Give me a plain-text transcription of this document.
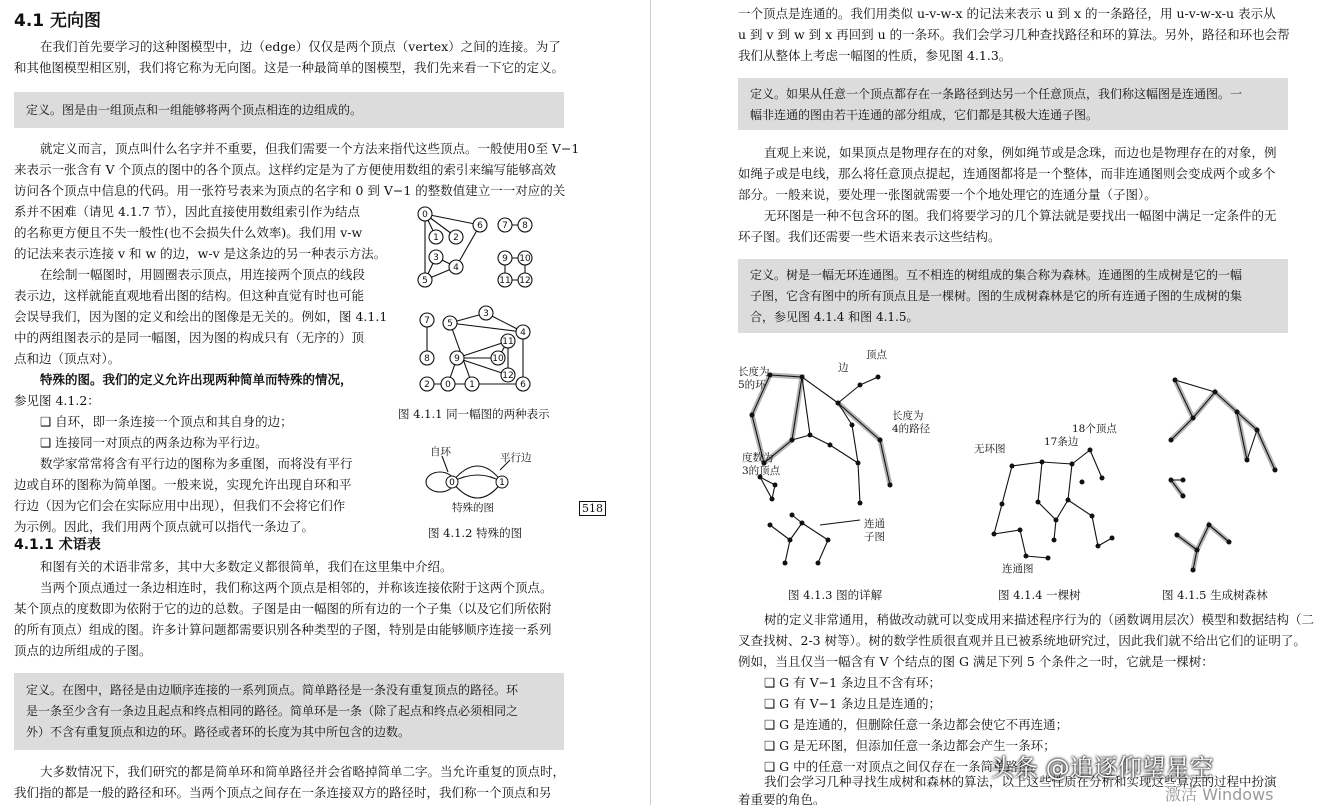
4.1 无向图
在我们首先要学习的这种图模型中，边（edge）仅仅是两个顶点（vertex）之间的连接。为了
和其他图模型相区别，我们将它称为无向图。这是一种最简单的图模型，我们先来看一下它的定义。
定义。图是由一组顶点和一组能够将两个顶点相连的边组成的。
就定义而言，顶点叫什么名字并不重要，但我们需要一个方法来指代这些顶点。一般使用0至 V−1
来表示一张含有 V 个顶点的图中的各个顶点。这样约定是为了方便使用数组的索引来编写能够高效
访问各个顶点中信息的代码。用一张符号表来为顶点的名字和 0 到 V−1 的整数值建立一一对应的关
系并不困难（请见 4.1.7 节），因此直接使用数组索引作为结点
的名称更方便且不失一般性(也不会损失什么效率)。我们用 v-w
的记法来表示连接 v 和 w 的边，w-v 是这条边的另一种表示方法。
在绘制一幅图时，用圆圈表示顶点，用连接两个顶点的线段
表示边，这样就能直观地看出图的结构。但这种直觉有时也可能
会误导我们，因为图的定义和绘出的图像是无关的。例如，图 4.1.1
中的两组图表示的是同一幅图，因为图的构成只有（无序的）顶
点和边（顶点对）。
特殊的图。我们的定义允许出现两种简单而特殊的情况，
参见图 4.1.2：
❑ 自环，即一条连接一个顶点和其自身的边；
❑ 连接同一对顶点的两条边称为平行边。
数学家常常将含有平行边的图称为多重图，而将没有平行
边或自环的图称为简单图。一般来说，实现允许出现自环和平
行边（因为它们会在实际应用中出现），但我们不会将它们作
为示例。因此，我们用两个顶点就可以指代一条边了。
0
1 2
6
3
4
5
7 8
9 10
11 12
7
8
5
3
4
11
9	10
12
2 0 1	6
图 4.1.1 同一幅图的两种表示
0	1
自环	平行边
特殊的图
图 4.1.2 特殊的图
518
4.1.1 术语表
和图有关的术语非常多，其中大多数定义都很简单，我们在这里集中介绍。
当两个顶点通过一条边相连时，我们称这两个顶点是相邻的，并称该连接依附于这两个顶点。
某个顶点的度数即为依附于它的边的总数。子图是由一幅图的所有边的一个子集（以及它们所依附
的所有顶点）组成的图。许多计算问题都需要识别各种类型的子图，特别是由能够顺序连接一系列
顶点的边所组成的子图。
定义。在图中，路径是由边顺序连接的一系列顶点。简单路径是一条没有重复顶点的路径。环
是一条至少含有一条边且起点和终点相同的路径。简单环是一条（除了起点和终点必须相同之
外）不含有重复顶点和边的环。路径或者环的长度为其中所包含的边数。
大多数情况下，我们研究的都是简单环和简单路径并会省略掉简单二字。当允许重复的顶点时，
我们指的都是一般的路径和环。当两个顶点之间存在一条连接双方的路径时，我们称一个顶点和另
一个顶点是连通的。我们用类似 u-v-w-x 的记法来表示 u 到 x 的一条路径，用 u-v-w-x-u 表示从
u 到 v 到 w 到 x 再回到 u 的一条环。我们会学习几种查找路径和环的算法。另外，路径和环也会帮
我们从整体上考虑一幅图的性质，参见图 4.1.3。
定义。如果从任意一个顶点都存在一条路径到达另一个任意顶点，我们称这幅图是连通图。一
幅非连通的图由若干连通的部分组成，它们都是其极大连通子图。
直观上来说，如果顶点是物理存在的对象，例如绳节或是念珠，而边也是物理存在的对象，例
如绳子或是电线，那么将任意顶点提起，连通图都将是一个整体，而非连通图则会变成两个或多个
部分。一般来说，要处理一张图就需要一个个地处理它的连通分量（子图）。
无环图是一种不包含环的图。我们将要学习的几个算法就是要找出一幅图中满足一定条件的无
环子图。我们还需要一些术语来表示这些结构。
定义。树是一幅无环连通图。互不相连的树组成的集合称为森林。连通图的生成树是它的一幅
子图，它含有图中的所有顶点且是一棵树。图的生成树森林是它的所有连通子图的生成树的集
合，参见图 4.1.4 和图 4.1.5。
长度为
5的环
边
顶点
长度为
4的路径
度数为
3的顶点
连通
子图
图 4.1.3 图的详解
无环图
17条边
18个顶点
连通图
图 4.1.4 一棵树	图 4.1.5 生成树森林
树的定义非常通用，稍做改动就可以变成用来描述程序行为的（函数调用层次）模型和数据结构（二
叉查找树、2-3 树等）。树的数学性质很直观并且已被系统地研究过，因此我们就不给出它们的证明了。
例如，当且仅当一幅含有 V 个结点的图 G 满足下列 5 个条件之一时，它就是一棵树：
❑ G 有 V−1 条边且不含有环；
❑ G 有 V−1 条边且是连通的；
❑ G 是连通的，但删除任意一条边都会使它不再连通；
❑ G 是无环图，但添加任意一条边都会产生一条环；
❑ G 中的任意一对顶点之间仅存在一条简单路径。
我们会学习几种寻找生成树和森林的算法，以上这些性质在分析和实现这些算法的过程中扮演
着重要的角色。
头条 @追逐仰望星空
激活 Windows
